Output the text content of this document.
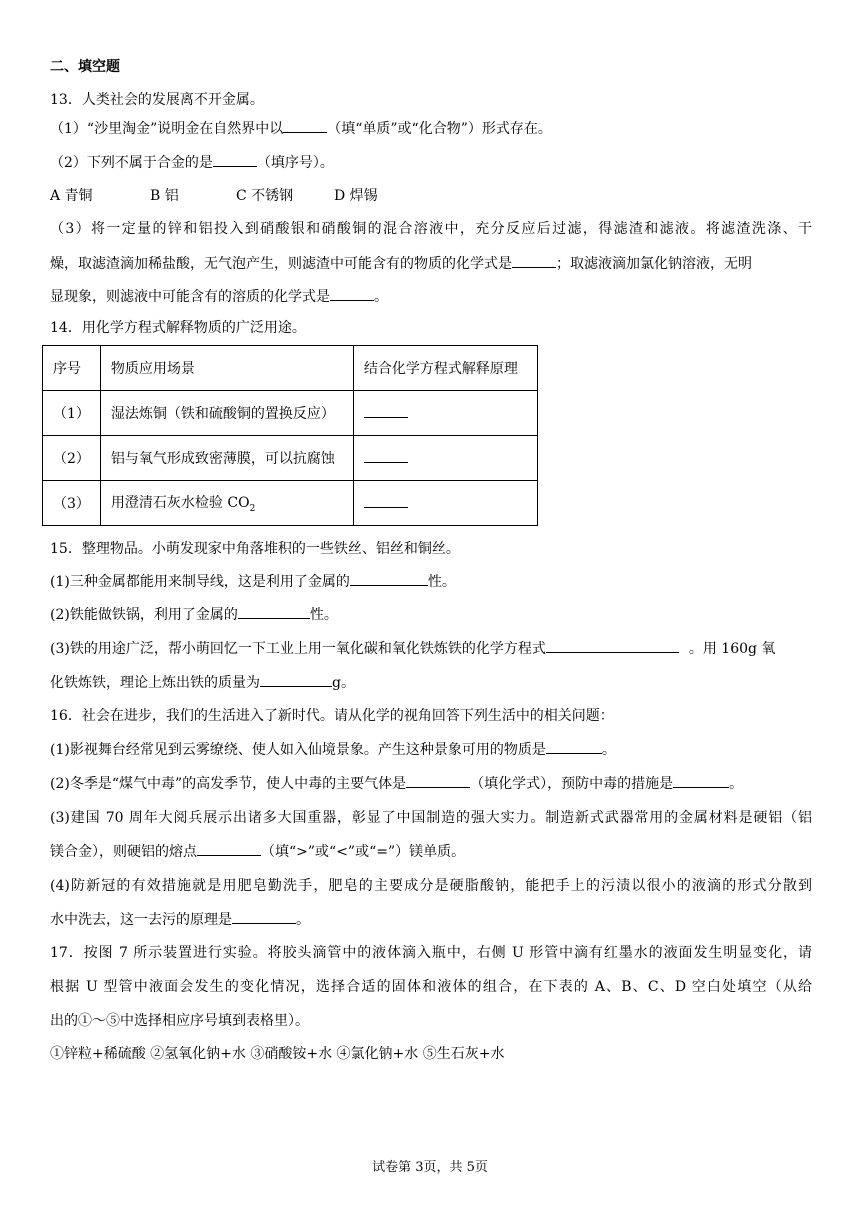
二、填空题
13．人类社会的发展离不开金属。
（1）“沙里淘金”说明金在自然界中以	（填“单质”或“化合物”）形式存在。
（2）下列不属于合金的是	（填序号）。
A 青铜	B 铝	C 不锈钢	D 焊锡
（3）将一定量的锌和铝投入到硝酸银和硝酸铜的混合溶液中，充分反应后过滤，得滤渣和滤液。将滤渣洗涤、干
燥，取滤渣滴加稀盐酸，无气泡产生，则滤渣中可能含有的物质的化学式是	；取滤液滴加氯化钠溶液，无明
显现象，则滤液中可能含有的溶质的化学式是	。
14．用化学方程式解释物质的广泛用途。
序号	物质应用场景	结合化学方程式解释原理
（1）	湿法炼铜（铁和硫酸铜的置换反应）	
（2）	铝与氧气形成致密薄膜，可以抗腐蚀	
（3）	用澄清石灰水检验 $CO_2$	
15．整理物品。小萌发现家中角落堆积的一些铁丝、铝丝和铜丝。
(1)三种金属都能用来制导线，这是利用了金属的	性。
(2)铁能做铁锅，利用了金属的	性。
(3)铁的用途广泛，帮小萌回忆一下工业上用一氧化碳和氧化铁炼铁的化学方程式	。用 160g 氧
化铁炼铁，理论上炼出铁的质量为	g。
16．社会在进步，我们的生活进入了新时代。请从化学的视角回答下列生活中的相关问题：
(1)影视舞台经常见到云雾缭绕、使人如入仙境景象。产生这种景象可用的物质是	。
(2)冬季是“煤气中毒”的高发季节，使人中毒的主要气体是	（填化学式），预防中毒的措施是	。
(3)建国 70 周年大阅兵展示出诸多大国重器，彰显了中国制造的强大实力。制造新式武器常用的金属材料是硬铝（铝
镁合金），则硬铝的熔点	（填“>”或“<”或“=”）镁单质。
(4)防新冠的有效措施就是用肥皂勤洗手，肥皂的主要成分是硬脂酸钠，能把手上的污渍以很小的液滴的形式分散到
水中洗去，这一去污的原理是	。
17．按图 7 所示装置进行实验。将胶头滴管中的液体滴入瓶中，右侧 U 形管中滴有红墨水的液面发生明显变化，请
根据 U 型管中液面会发生的变化情况，选择合适的固体和液体的组合，在下表的 A、B、C、D 空白处填空（从给
出的①～⑤中选择相应序号填到表格里）。
①锌粒+稀硫酸 ②氢氧化钠+水 ③硝酸铵+水 ④氯化钠+水 ⑤生石灰+水
试卷第 3页，共 5页
